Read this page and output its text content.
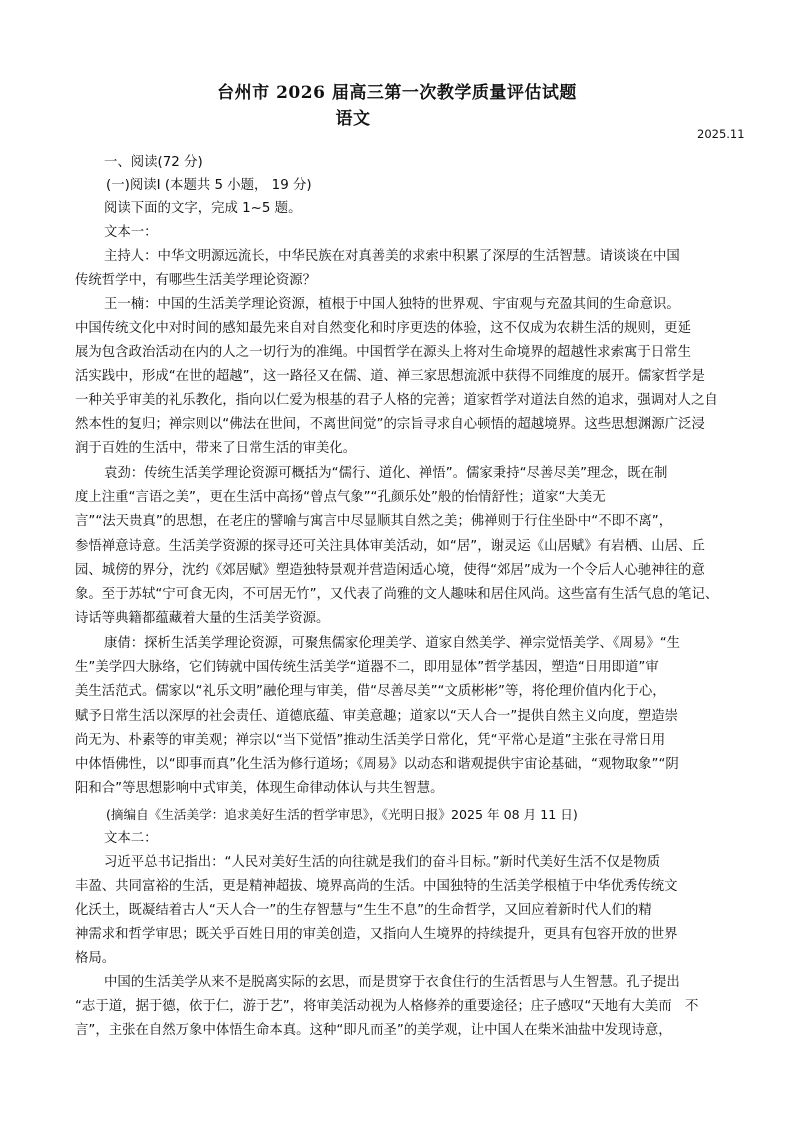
台州市 2026 届高三第一次教学质量评估试题
语文
2025.11
一、阅读(72 分)
(一)阅读Ⅰ (本题共 5 小题， 19 分)
阅读下面的文字，完成 1~5 题。
文本一：
主持人：中华文明源远流长，中华民族在对真善美的求索中积累了深厚的生活智慧。请谈谈在中国
传统哲学中，有哪些生活美学理论资源？
王一楠：中国的生活美学理论资源，植根于中国人独特的世界观、宇宙观与充盈其间的生命意识。
中国传统文化中对时间的感知最先来自对自然变化和时序更迭的体验，这不仅成为农耕生活的规则，更延
展为包含政治活动在内的人之一切行为的准绳。中国哲学在源头上将对生命境界的超越性求索寓于日常生
活实践中，形成“在世的超越”，这一路径又在儒、道、禅三家思想流派中获得不同维度的展开。儒家哲学是
一种关乎审美的礼乐教化，指向以仁爱为根基的君子人格的完善；道家哲学对道法自然的追求，强调对人之自
然本性的复归；禅宗则以“佛法在世间，不离世间觉”的宗旨寻求自心顿悟的超越境界。这些思想渊源广泛浸
润于百姓的生活中，带来了日常生活的审美化。
袁劲：传统生活美学理论资源可概括为“儒行、道化、禅悟”。儒家秉持“尽善尽美”理念，既在制
度上注重“言语之美”，更在生活中高扬“曾点气象”“孔颜乐处”般的怡情舒性；道家“大美无
言”“法天贵真”的思想，在老庄的譬喻与寓言中尽显顺其自然之美；佛禅则于行住坐卧中“不即不离”，
参悟禅意诗意。生活美学资源的探寻还可关注具体审美活动，如“居”，谢灵运《山居赋》有岩栖、山居、丘
园、城傍的界分，沈约《郊居赋》塑造独特景观并营造闲适心境，使得“郊居”成为一个令后人心驰神往的意
象。至于苏轼“宁可食无肉，不可居无竹”，又代表了尚雅的文人趣味和居住风尚。这些富有生活气息的笔记、
诗话等典籍都蕴藏着大量的生活美学资源。
康倩：探析生活美学理论资源，可聚焦儒家伦理美学、道家自然美学、禅宗觉悟美学、《周易》“生
生”美学四大脉络，它们铸就中国传统生活美学“道器不二，即用显体”哲学基因，塑造“日用即道”审
美生活范式。儒家以“礼乐文明”融伦理与审美，借“尽善尽美”“文质彬彬”等，将伦理价值内化于心，
赋予日常生活以深厚的社会责任、道德底蕴、审美意趣；道家以“天人合一”提供自然主义向度，塑造崇
尚无为、朴素等的审美观；禅宗以“当下觉悟”推动生活美学日常化，凭“平常心是道”主张在寻常日用
中体悟佛性，以“即事而真”化生活为修行道场；《周易》以动态和谐观提供宇宙论基础，“观物取象”“阴
阳和合”等思想影响中式审美，体现生命律动体认与共生智慧。
(摘编自《生活美学：追求美好生活的哲学审思》，《光明日报》2025 年 08 月 11 日)
文本二：
习近平总书记指出：“人民对美好生活的向往就是我们的奋斗目标。”新时代美好生活不仅是物质
丰盈、共同富裕的生活，更是精神超拔、境界高尚的生活。中国独特的生活美学根植于中华优秀传统文
化沃土，既凝结着古人“天人合一”的生存智慧与“生生不息”的生命哲学，又回应着新时代人们的精
神需求和哲学审思；既关乎百姓日用的审美创造，又指向人生境界的持续提升，更具有包容开放的世界
格局。
中国的生活美学从来不是脱离实际的玄思，而是贯穿于衣食住行的生活哲思与人生智慧。孔子提出
“志于道，据于德，依于仁，游于艺”，将审美活动视为人格修养的重要途径；庄子感叹“天地有大美而　不
言”，主张在自然万象中体悟生命本真。这种“即凡而圣”的美学观，让中国人在柴米油盐中发现诗意，
